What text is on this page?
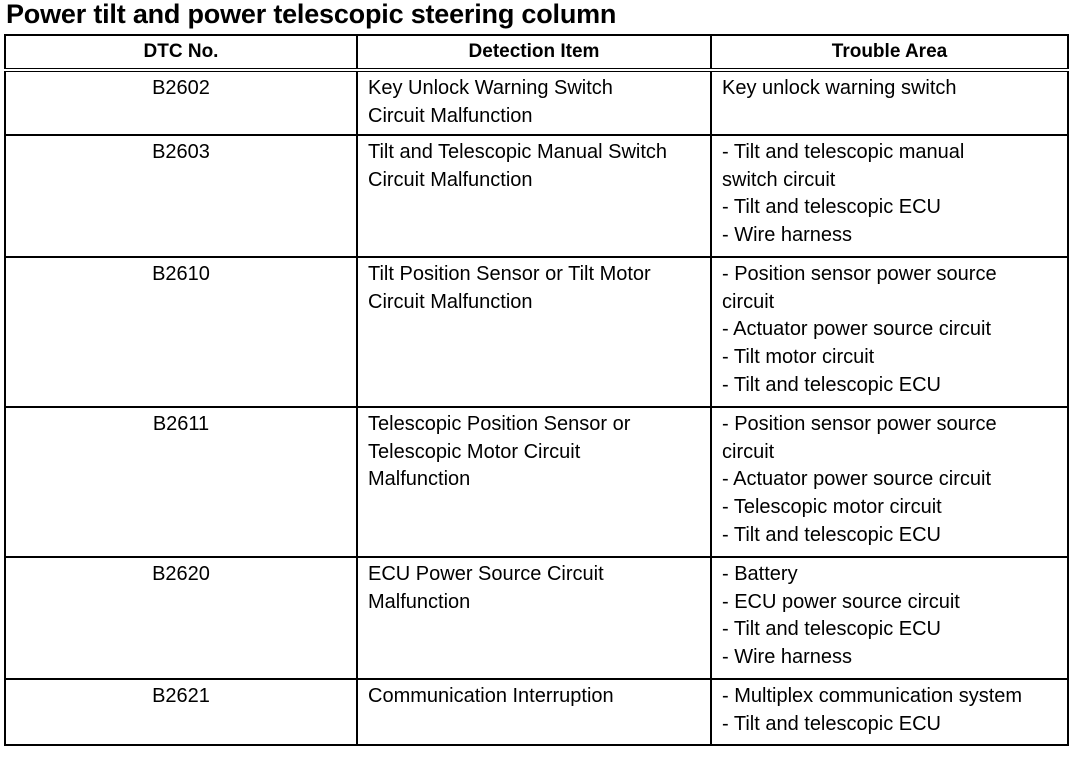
Power tilt and power telescopic steering column
DTC No.	Detection Item	Trouble Area

B2602	Key Unlock Warning Switch
Circuit Malfunction	Key unlock warning switch

B2603	Tilt and Telescopic Manual Switch
Circuit Malfunction	- Tilt and telescopic manual
switch circuit
- Tilt and telescopic ECU
- Wire harness

B2610	Tilt Position Sensor or Tilt Motor
Circuit Malfunction	- Position sensor power source
circuit
- Actuator power source circuit
- Tilt motor circuit
- Tilt and telescopic ECU

B2611	Telescopic Position Sensor or
Telescopic Motor Circuit
Malfunction	- Position sensor power source
circuit
- Actuator power source circuit
- Telescopic motor circuit
- Tilt and telescopic ECU

B2620	ECU Power Source Circuit
Malfunction	- Battery
- ECU power source circuit
- Tilt and telescopic ECU
- Wire harness

B2621	Communication Interruption	- Multiplex communication system
- Tilt and telescopic ECU
